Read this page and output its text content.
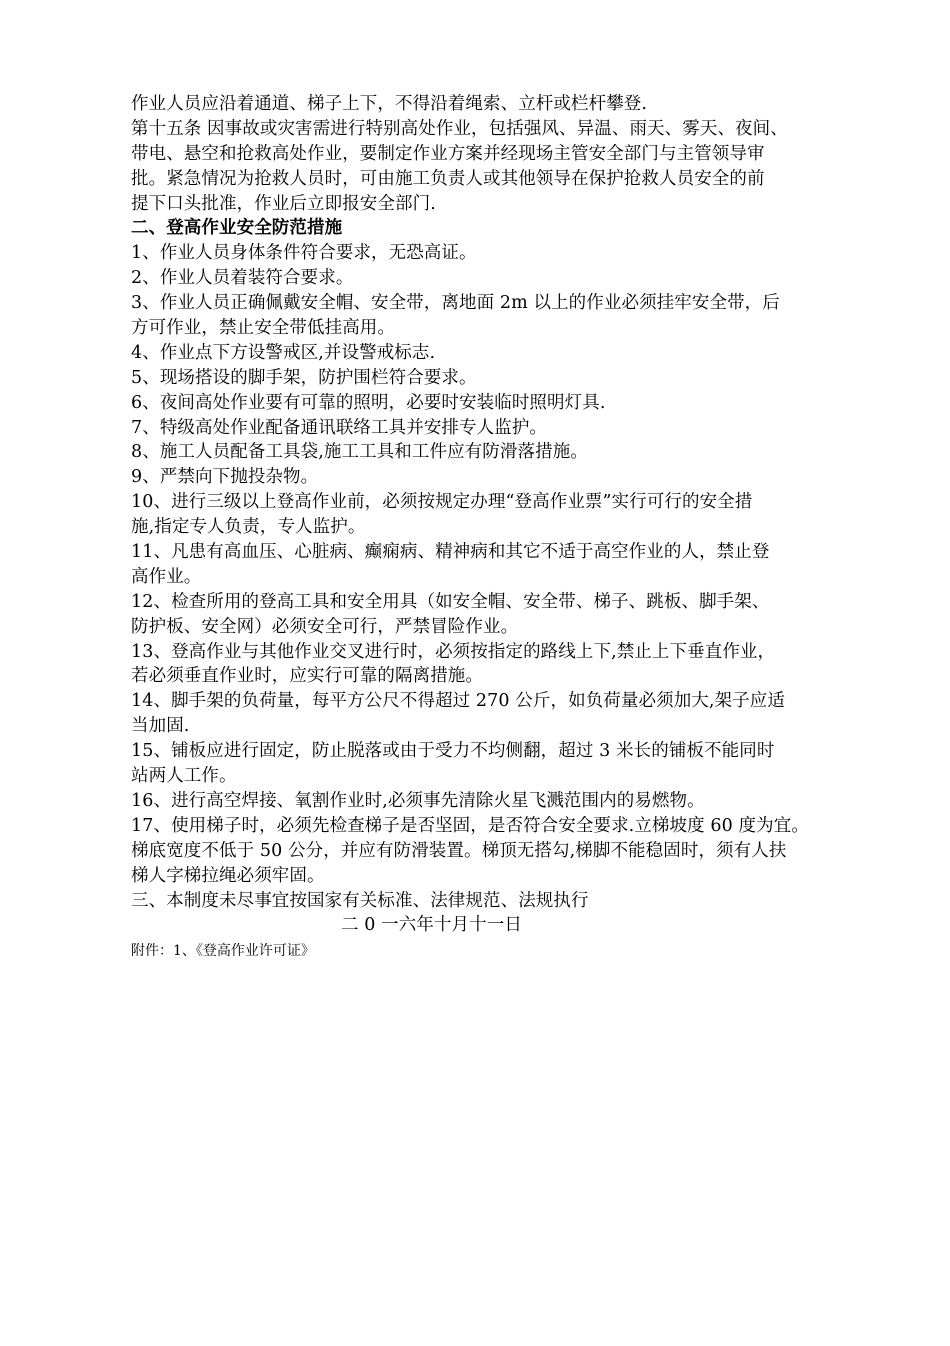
作业人员应沿着通道、梯子上下，不得沿着绳索、立杆或栏杆攀登.
第十五条 因事故或灾害需进行特别高处作业，包括强风、异温、雨天、雾天、夜间、
带电、悬空和抢救高处作业，要制定作业方案并经现场主管安全部门与主管领导审
批。紧急情况为抢救人员时，可由施工负责人或其他领导在保护抢救人员安全的前
提下口头批准，作业后立即报安全部门.
二、登高作业安全防范措施
1、作业人员身体条件符合要求，无恐高证。
2、作业人员着装符合要求。
3、作业人员正确佩戴安全帽、安全带，离地面 2m 以上的作业必须挂牢安全带，后
方可作业，禁止安全带低挂高用。
4、作业点下方设警戒区,并设警戒标志.
5、现场搭设的脚手架，防护围栏符合要求。
6、夜间高处作业要有可靠的照明，必要时安装临时照明灯具.
7、特级高处作业配备通讯联络工具并安排专人监护。
8、施工人员配备工具袋,施工工具和工件应有防滑落措施。
9、严禁向下抛投杂物。
10、进行三级以上登高作业前，必须按规定办理“登高作业票”实行可行的安全措
施,指定专人负责，专人监护。
11、凡患有高血压、心脏病、癫痫病、精神病和其它不适于高空作业的人，禁止登
高作业。
12、检查所用的登高工具和安全用具（如安全帽、安全带、梯子、跳板、脚手架、
防护板、安全网）必须安全可行，严禁冒险作业。
13、登高作业与其他作业交叉进行时，必须按指定的路线上下,禁止上下垂直作业，
若必须垂直作业时，应实行可靠的隔离措施。
14、脚手架的负荷量，每平方公尺不得超过 270 公斤，如负荷量必须加大,架子应适
当加固.
15、铺板应进行固定，防止脱落或由于受力不均侧翻，超过 3 米长的铺板不能同时
站两人工作。
16、进行高空焊接、氧割作业时,必须事先清除火星飞溅范围内的易燃物。
17、使用梯子时，必须先检查梯子是否坚固，是否符合安全要求.立梯坡度 60 度为宜。
梯底宽度不低于 50 公分，并应有防滑装置。梯顶无搭勾,梯脚不能稳固时，须有人扶
梯人字梯拉绳必须牢固。
三、本制度未尽事宜按国家有关标准、法律规范、法规执行
二 0 一六年十月十一日
附件：1、《登高作业许可证》
